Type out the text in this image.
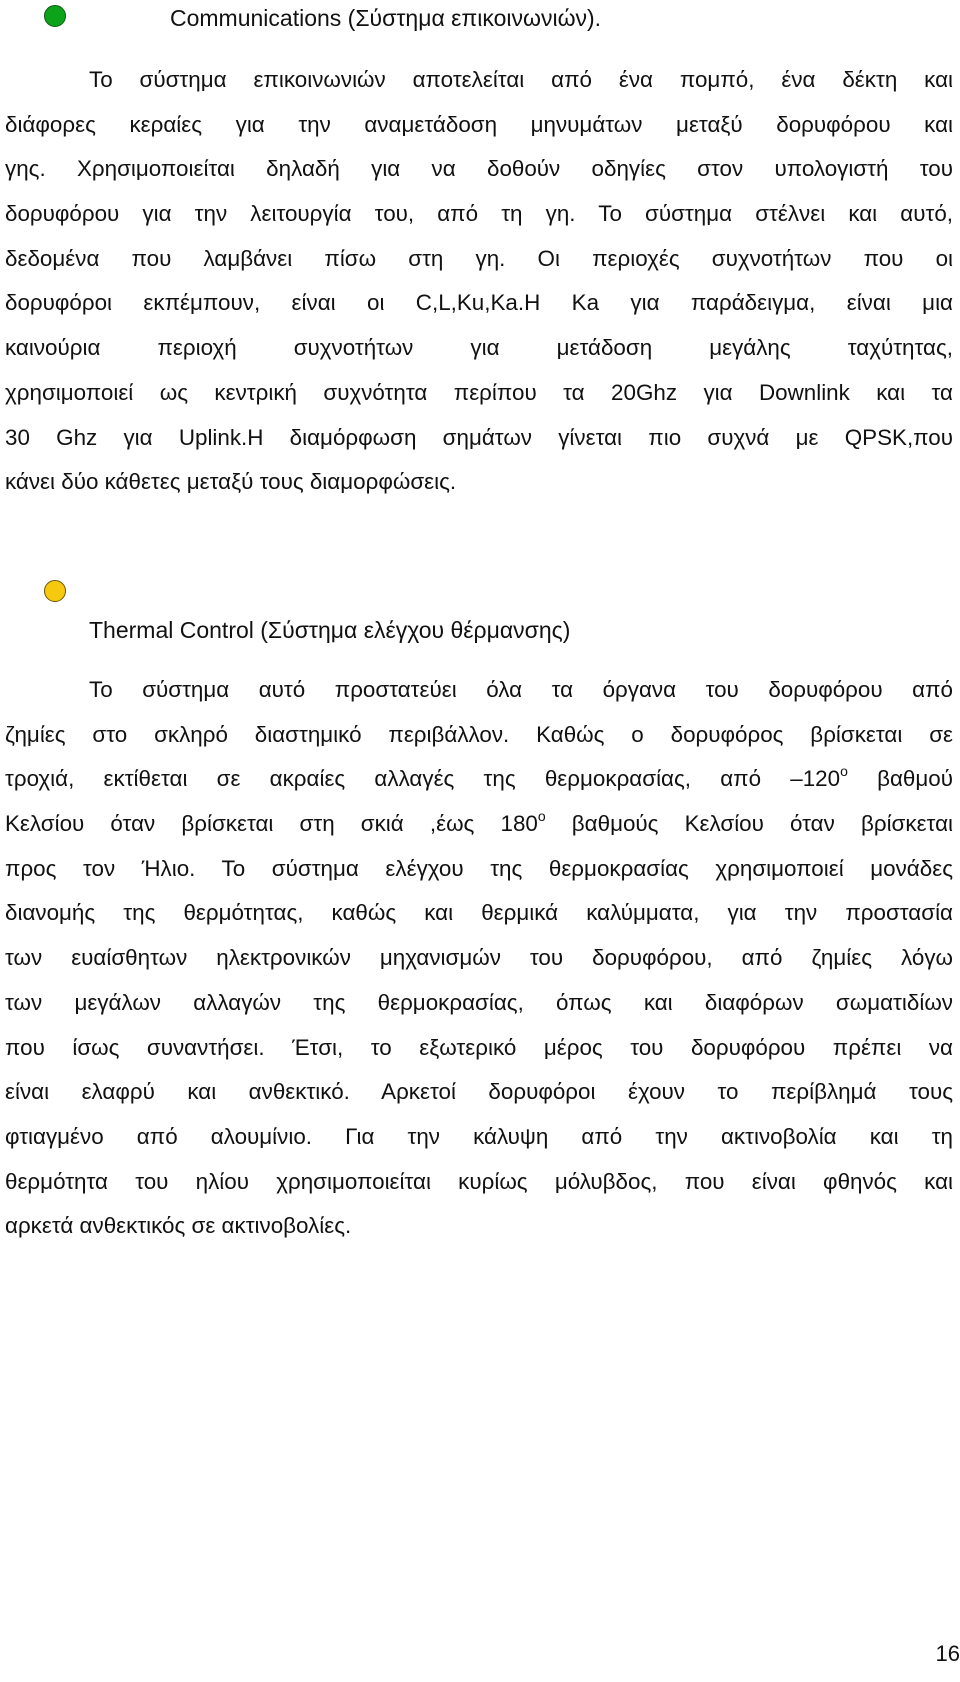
Communications (Σύστημα επικοινωνιών).
Το σύστημα επικοινωνιών αποτελείται από ένα πομπό, ένα δέκτη και
διάφορες κεραίες για την αναμετάδοση μηνυμάτων μεταξύ δορυφόρου και
γης. Χρησιμοποιείται δηλαδή για να δοθούν οδηγίες στον υπολογιστή του
δορυφόρου για την λειτουργία του, από τη γη. Το σύστημα στέλνει και αυτό,
δεδομένα που λαμβάνει πίσω στη γη. Οι περιοχές συχνοτήτων που οι
δορυφόροι εκπέμπουν, είναι οι C,L,Ku,Ka.Η Ka για παράδειγμα, είναι μια
καινούρια περιοχή συχνοτήτων για μετάδοση μεγάλης ταχύτητας,
χρησιμοποιεί ως κεντρική συχνότητα περίπου τα 20Ghz για Downlink και τα
30 Ghz για Uplink.Η διαμόρφωση σημάτων γίνεται πιο συχνά με QPSK,που
κάνει δύο κάθετες μεταξύ τους διαμορφώσεις.
Thermal Control (Σύστημα ελέγχου θέρμανσης)
Το σύστημα αυτό προστατεύει όλα τα όργανα του δορυφόρου από
ζημίες στο σκληρό διαστημικό περιβάλλον. Καθώς ο δορυφόρος βρίσκεται σε
τροχιά, εκτίθεται σε ακραίες αλλαγές της θερμοκρασίας, από –120$^o$ βαθμού
Κελσίου όταν βρίσκεται στη σκιά ,έως 180$^o$ βαθμούς Κελσίου όταν βρίσκεται
προς τον Ήλιο. Το σύστημα ελέγχου της θερμοκρασίας χρησιμοποιεί μονάδες
διανομής της θερμότητας, καθώς και θερμικά καλύμματα, για την προστασία
των ευαίσθητων ηλεκτρονικών μηχανισμών του δορυφόρου, από ζημίες λόγω
των μεγάλων αλλαγών της θερμοκρασίας, όπως και διαφόρων σωματιδίων
που ίσως συναντήσει. Έτσι, το εξωτερικό μέρος του δορυφόρου πρέπει να
είναι ελαφρύ και ανθεκτικό. Αρκετοί δορυφόροι έχουν το περίβλημά τους
φτιαγμένο από αλουμίνιο. Για την κάλυψη από την ακτινοβολία και τη
θερμότητα του ηλίου χρησιμοποιείται κυρίως μόλυβδος, που είναι φθηνός και
αρκετά ανθεκτικός σε ακτινοβολίες.
16
